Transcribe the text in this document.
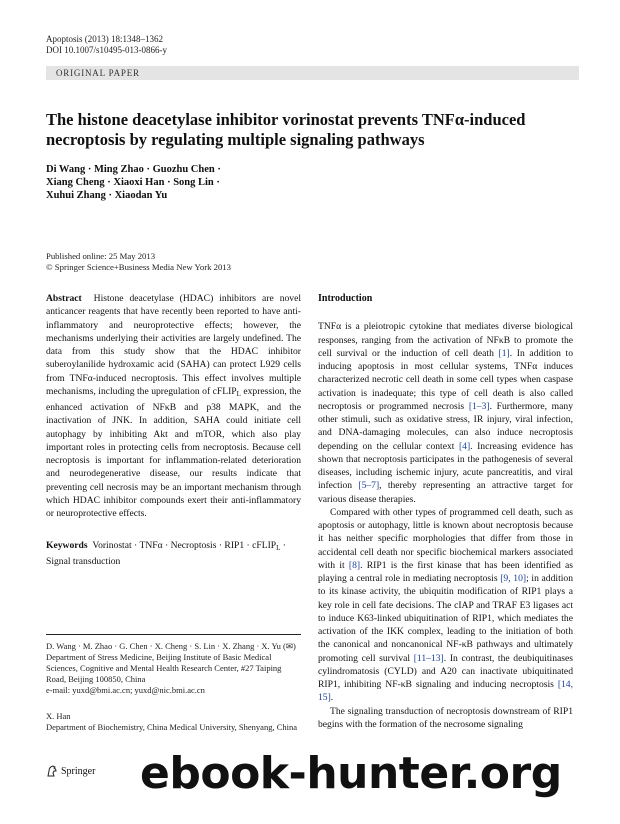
Apoptosis (2013) 18:1348–1362
DOI 10.1007/s10495-013-0866-y
ORIGINAL PAPER
The histone deacetylase inhibitor vorinostat prevents TNFα-induced necroptosis by regulating multiple signaling pathways
Di Wang · Ming Zhao · Guozhu Chen ·
Xiang Cheng · Xiaoxi Han · Song Lin ·
Xuhui Zhang · Xiaodan Yu
Published online: 25 May 2013
© Springer Science+Business Media New York 2013

Abstract Histone deacetylase (HDAC) inhibitors are novel anticancer reagents that have recently been reported to have anti-inflammatory and neuroprotective effects; however, the mechanisms underlying their activities are largely undefined. The data from this study show that the HDAC inhibitor suberoylanilide hydroxamic acid (SAHA) can protect L929 cells from TNFα-induced necroptosis. This effect involves multiple mechanisms, including the upregulation of cFLIP$_L$ expression, the enhanced activation of NFκB and p38 MAPK, and the inactivation of JNK. In addition, SAHA could initiate cell autophagy by inhibiting Akt and mTOR, which also play important roles in protecting cells from necroptosis. Because cell necroptosis is important for inflammation-related deterioration and neurodegenerative disease, our results indicate that preventing cell necrosis may be an important mechanism through which HDAC inhibitor compounds exert their anti-inflammatory or neuroprotective effects.

Keywords Vorinostat · TNFα · Necroptosis · RIP1 · cFLIP$_L$ · Signal transduction

D. Wang · M. Zhao · G. Chen · X. Cheng · S. Lin · X. Zhang · X. Yu (✉)

Department of Stress Medicine, Beijing Institute of Basic Medical Sciences, Cognitive and Mental Health Research Center, #27 Taiping Road, Beijing 100850, China

e-mail: yuxd@bmi.ac.cn; yuxd@nic.bmi.ac.cn

X. Han

Department of Biochemistry, China Medical University, Shenyang, China

Introduction

TNFα is a pleiotropic cytokine that mediates diverse biological responses, ranging from the activation of NFκB to promote the cell survival or the induction of cell death [1]. In addition to inducing apoptosis in most cellular systems, TNFα induces characterized necrotic cell death in some cell types when caspase activation is inadequate; this type of cell death is also called necroptosis or programmed necrosis [1–3]. Furthermore, many other stimuli, such as oxidative stress, IR injury, viral infection, and DNA-damaging molecules, can also induce necroptosis depending on the cellular context [4]. Increasing evidence has shown that necroptosis participates in the pathogenesis of several diseases, including ischemic injury, acute pancreatitis, and viral infection [5–7], thereby representing an attractive target for various disease therapies.

Compared with other types of programmed cell death, such as apoptosis or autophagy, little is known about necroptosis because it has neither specific morphologies that differ from those in accidental cell death nor specific biochemical markers associated with it [8]. RIP1 is the first kinase that has been identified as playing a central role in mediating necroptosis [9, 10]; in addition to its kinase activity, the ubiquitin modification of RIP1 plays a key role in cell fate decisions. The cIAP and TRAF E3 ligases act to induce K63-linked ubiquitination of RIP1, which mediates the activation of the IKK complex, leading to the initiation of both the canonical and noncanonical NF-κB pathways and ultimately promoting cell survival [11–13]. In contrast, the deubiquitinases cylindromatosis (CYLD) and A20 can inactivate ubiquitinated RIP1, inhibiting NF-κB signaling and inducing necroptosis [14, 15].

The signaling transduction of necroptosis downstream of RIP1 begins with the formation of the necrosome signaling

Springer ebook-hunter.org
